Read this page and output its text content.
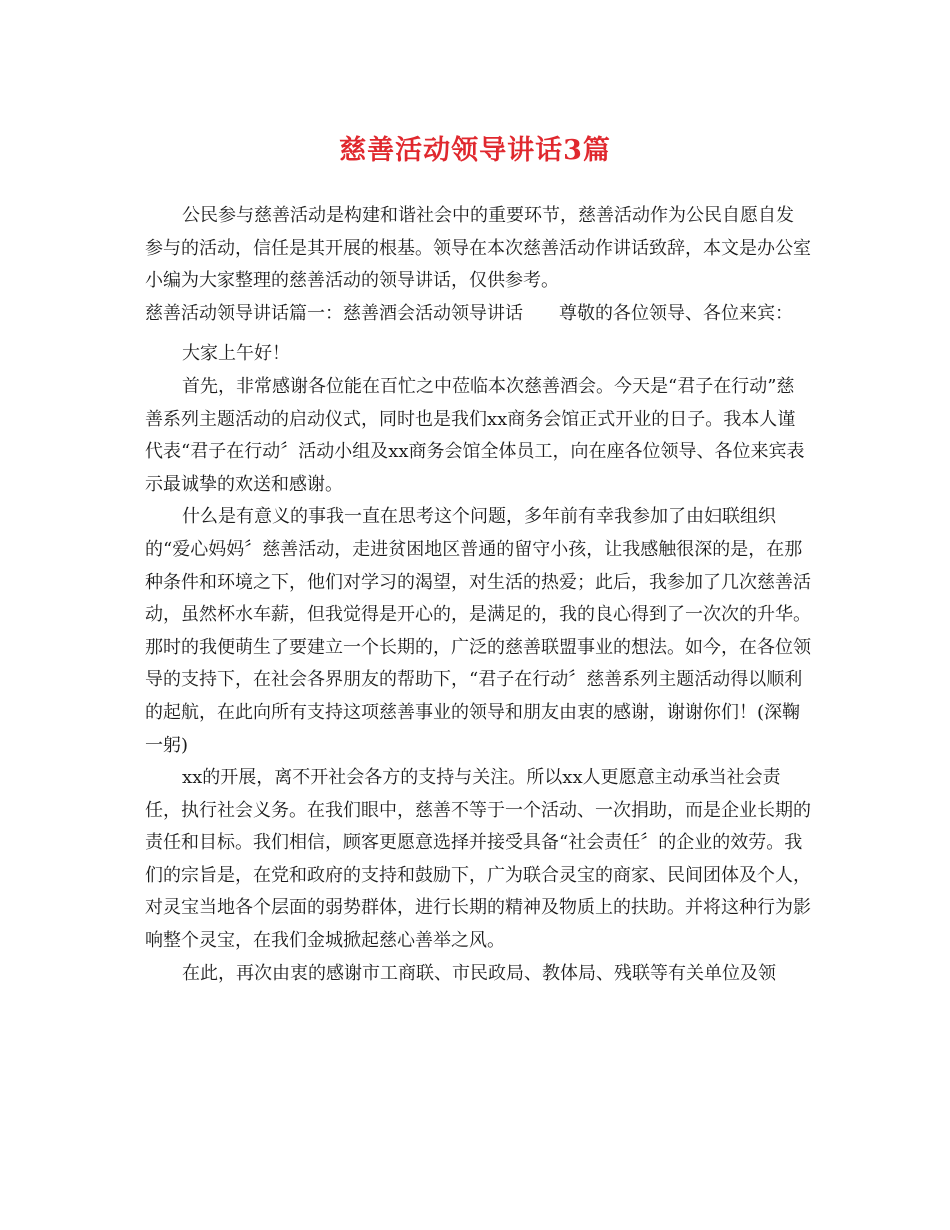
慈善活动领导讲话3篇

公民参与慈善活动是构建和谐社会中的重要环节，慈善活动作为公民自愿自发参与的活动，信任是其开展的根基。领导在本次慈善活动作讲话致辞，本文是办公室小编为大家整理的慈善活动的领导讲话，仅供参考。

慈善活动领导讲话篇一：慈善酒会活动领导讲话　　尊敬的各位领导、各位来宾：

大家上午好！

首先，非常感谢各位能在百忙之中莅临本次慈善酒会。今天是“君子在行动”慈善系列主题活动的启动仪式，同时也是我们xx商务会馆正式开业的日子。我本人谨代表“君子在行动〞活动小组及xx商务会馆全体员工，向在座各位领导、各位来宾表示最诚挚的欢送和感谢。

什么是有意义的事我一直在思考这个问题，多年前有幸我参加了由妇联组织的“爱心妈妈〞慈善活动，走进贫困地区普通的留守小孩，让我感触很深的是，在那种条件和环境之下，他们对学习的渴望，对生活的热爱；此后，我参加了几次慈善活动，虽然杯水车薪，但我觉得是开心的，是满足的，我的良心得到了一次次的升华。那时的我便萌生了要建立一个长期的，广泛的慈善联盟事业的想法。如今，在各位领导的支持下，在社会各界朋友的帮助下，“君子在行动〞慈善系列主题活动得以顺利的起航，在此向所有支持这项慈善事业的领导和朋友由衷的感谢，谢谢你们！(深鞠一躬)

xx的开展，离不开社会各方的支持与关注。所以xx人更愿意主动承当社会责任，执行社会义务。在我们眼中，慈善不等于一个活动、一次捐助，而是企业长期的责任和目标。我们相信，顾客更愿意选择并接受具备“社会责任〞的企业的效劳。我们的宗旨是，在党和政府的支持和鼓励下，广为联合灵宝的商家、民间团体及个人，对灵宝当地各个层面的弱势群体，进行长期的精神及物质上的扶助。并将这种行为影响整个灵宝，在我们金城掀起慈心善举之风。

在此，再次由衷的感谢市工商联、市民政局、教体局、残联等有关单位及领
